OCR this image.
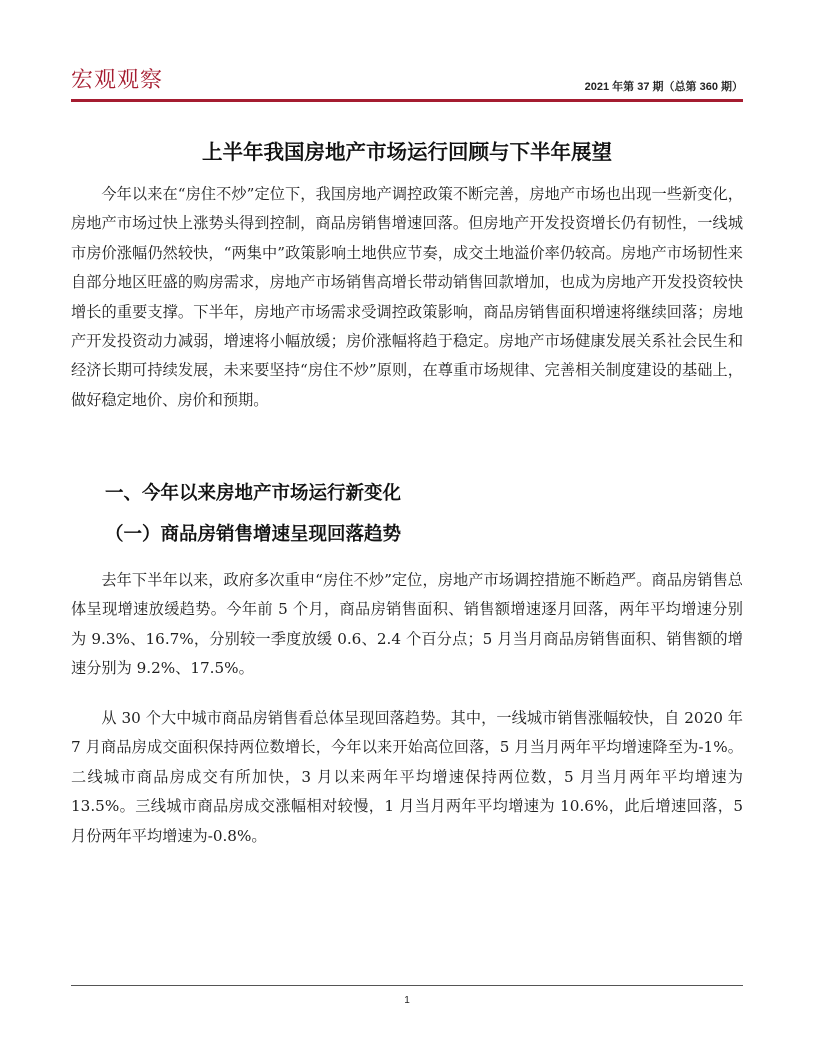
宏观观察	2021 年第 37 期（总第 360 期）
上半年我国房地产市场运行回顾与下半年展望

今年以来在“房住不炒”定位下，我国房地产调控政策不断完善，房地产市场也出现一些新变化，房地产市场过快上涨势头得到控制，商品房销售增速回落。但房地产开发投资增长仍有韧性，一线城市房价涨幅仍然较快，“两集中”政策影响土地供应节奏，成交土地溢价率仍较高。房地产市场韧性来自部分地区旺盛的购房需求，房地产市场销售高增长带动销售回款增加，也成为房地产开发投资较快增长的重要支撑。下半年，房地产市场需求受调控政策影响，商品房销售面积增速将继续回落；房地产开发投资动力减弱，增速将小幅放缓；房价涨幅将趋于稳定。房地产市场健康发展关系社会民生和经济长期可持续发展，未来要坚持“房住不炒”原则，在尊重市场规律、完善相关制度建设的基础上，做好稳定地价、房价和预期。

一、今年以来房地产市场运行新变化
（一）商品房销售增速呈现回落趋势

去年下半年以来，政府多次重申“房住不炒”定位，房地产市场调控措施不断趋严。商品房销售总体呈现增速放缓趋势。今年前 5 个月，商品房销售面积、销售额增速逐月回落，两年平均增速分别为 9.3%、16.7%，分别较一季度放缓 0.6、2.4 个百分点；5 月当月商品房销售面积、销售额的增速分别为 9.2%、17.5%。

从 30 个大中城市商品房销售看总体呈现回落趋势。其中，一线城市销售涨幅较快，自 2020 年 7 月商品房成交面积保持两位数增长，今年以来开始高位回落，5 月当月两年平均增速降至为-1%。二线城市商品房成交有所加快，3 月以来两年平均增速保持两位数，5 月当月两年平均增速为 13.5%。三线城市商品房成交涨幅相对较慢，1 月当月两年平均增速为 10.6%，此后增速回落，5 月份两年平均增速为-0.8%。

1
